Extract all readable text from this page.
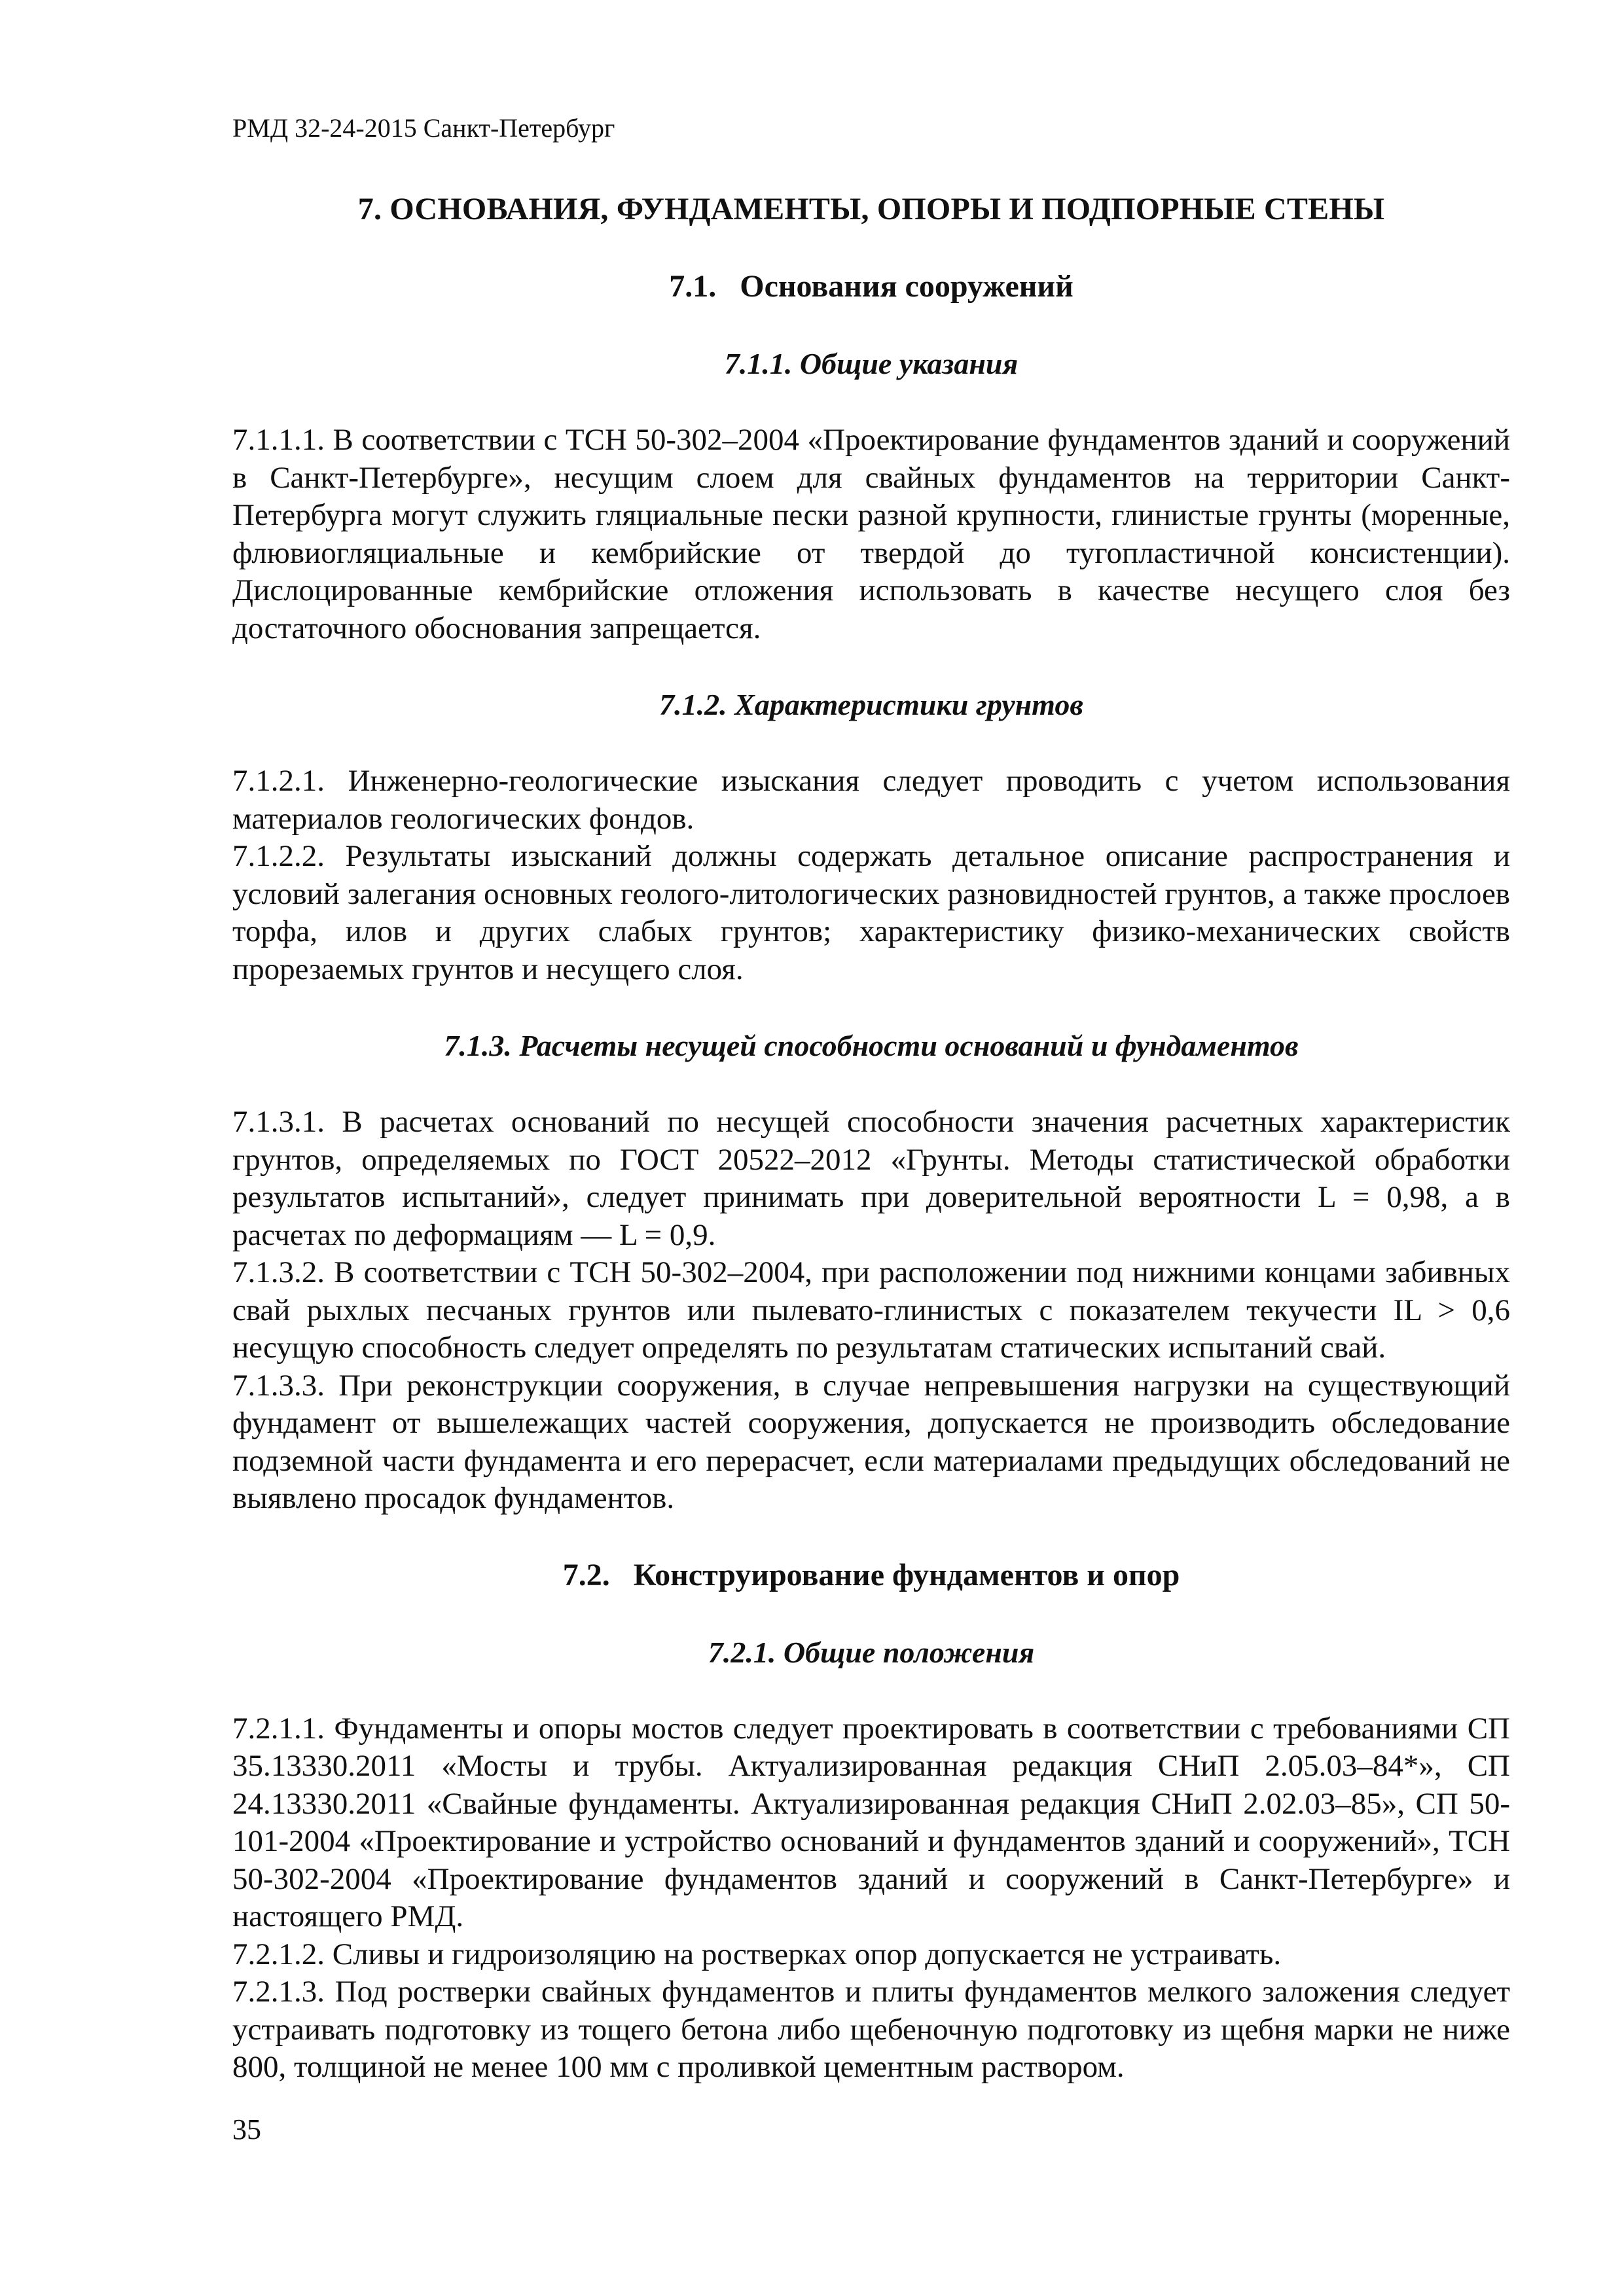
РМД 32-24-2015 Санкт-Петербург
7. ОСНОВАНИЯ, ФУНДАМЕНТЫ, ОПОРЫ И ПОДПОРНЫЕ СТЕНЫ
7.1. Основания сооружений
7.1.1. Общие указания

7.1.1.1. В соответствии с ТСН 50-302–2004 «Проектирование фундаментов зданий и сооружений в Санкт-Петербурге», несущим слоем для свайных фундаментов на территории Санкт-Петербурга могут служить гляциальные пески разной крупности, глинистые грунты (моренные, флювиогляциальные и кембрийские от твердой до тугопластичной консистенции). Дислоцированные кембрийские отложения использовать в качестве несущего слоя без достаточного обоснования запрещается.

7.1.2. Характеристики грунтов

7.1.2.1. Инженерно-геологические изыскания следует проводить с учетом использования материалов геологических фондов.

7.1.2.2. Результаты изысканий должны содержать детальное описание распространения и условий залегания основных геолого-литологических разновидностей грунтов, а также прослоев торфа, илов и других слабых грунтов; характеристику физико-механических свойств прорезаемых грунтов и несущего слоя.

7.1.3. Расчеты несущей способности оснований и фундаментов

7.1.3.1. В расчетах оснований по несущей способности значения расчетных характеристик грунтов, определяемых по ГОСТ 20522–2012 «Грунты. Методы статистической обработки результатов испытаний», следует принимать при доверительной вероятности L = 0,98, а в расчетах по деформациям — L = 0,9.

7.1.3.2. В соответствии с ТСН 50-302–2004, при расположении под нижними концами забивных свай рыхлых песчаных грунтов или пылевато-глинистых с показателем текучести IL > 0,6 несущую способность следует определять по результатам статических испытаний свай.

7.1.3.3. При реконструкции сооружения, в случае непревышения нагрузки на существующий фундамент от вышележащих частей сооружения, допускается не производить обследование подземной части фундамента и его перерасчет, если материалами предыдущих обследований не выявлено просадок фундаментов.

7.2. Конструирование фундаментов и опор
7.2.1. Общие положения

7.2.1.1. Фундаменты и опоры мостов следует проектировать в соответствии с требованиями СП 35.13330.2011 «Мосты и трубы. Актуализированная редакция СНиП 2.05.03–84*», СП 24.13330.2011 «Свайные фундаменты. Актуализированная редакция СНиП 2.02.03–85», СП 50-101-2004 «Проектирование и устройство оснований и фундаментов зданий и сооружений», ТСН 50-302-2004 «Проектирование фундаментов зданий и сооружений в Санкт-Петербурге» и настоящего РМД.

7.2.1.2. Сливы и гидроизоляцию на ростверках опор допускается не устраивать.

7.2.1.3. Под ростверки свайных фундаментов и плиты фундаментов мелкого заложения следует устраивать подготовку из тощего бетона либо щебеночную подготовку из щебня марки не ниже 800, толщиной не менее 100 мм с проливкой цементным раствором.

35
